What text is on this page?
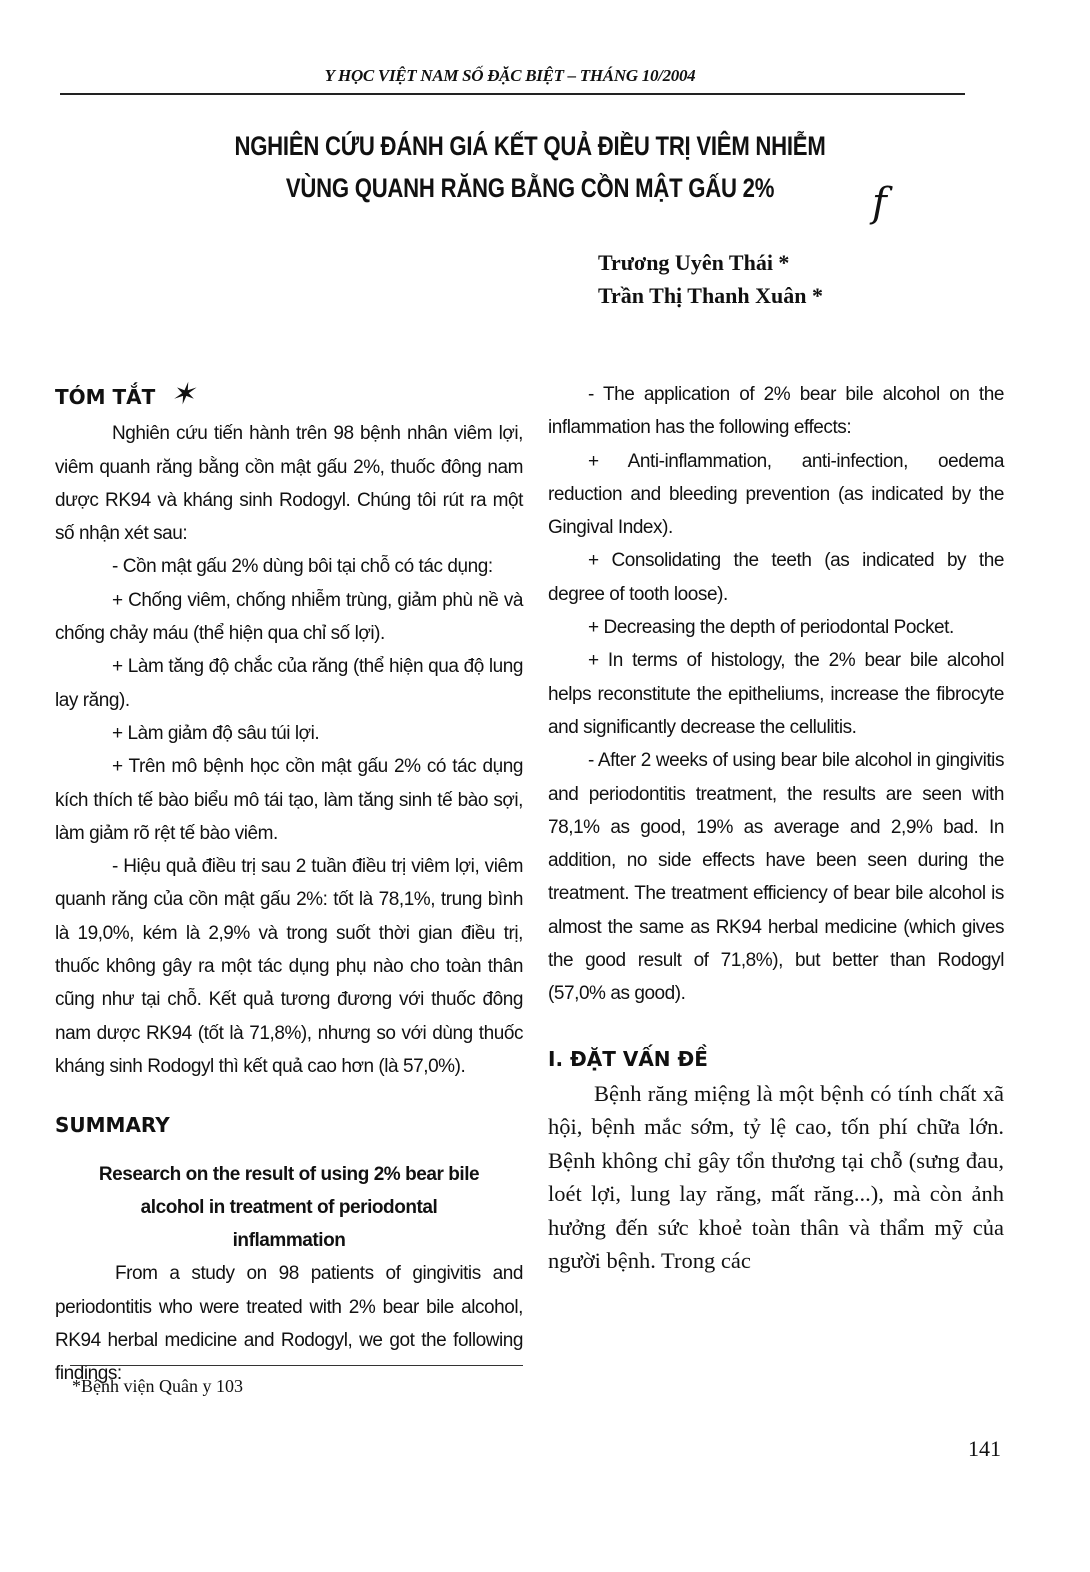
Y HỌC VIỆT NAM SỐ ĐẶC BIỆT – THÁNG 10/2004
NGHIÊN CỨU ĐÁNH GIÁ KẾT QUẢ ĐIỀU TRỊ VIÊM NHIỄM
VÙNG QUANH RĂNG BẰNG CỒN MẬT GẤU 2%	f
Trương Uyên Thái *
Trần Thị Thanh Xuân *

TÓM TẮT ✶

Nghiên cứu tiến hành trên 98 bệnh nhân viêm lợi, viêm quanh răng bằng cồn mật gấu 2%, thuốc đông nam dược RK94 và kháng sinh Rodogyl. Chúng tôi rút ra một số nhận xét sau:

- Cồn mật gấu 2% dùng bôi tại chỗ có tác dụng:

+ Chống viêm, chống nhiễm trùng, giảm phù nề và chống chảy máu (thể hiện qua chỉ số lợi).

+ Làm tăng độ chắc của răng (thể hiện qua độ lung lay răng).

+ Làm giảm độ sâu túi lợi.

+ Trên mô bệnh học cồn mật gấu 2% có tác dụng kích thích tế bào biểu mô tái tạo, làm tăng sinh tế bào sợi, làm giảm rõ rệt tế bào viêm.

- Hiệu quả điều trị sau 2 tuần điều trị viêm lợi, viêm quanh răng của cồn mật gấu 2%: tốt là 78,1%, trung bình là 19,0%, kém là 2,9% và trong suốt thời gian điều trị, thuốc không gây ra một tác dụng phụ nào cho toàn thân cũng như tại chỗ. Kết quả tương đương với thuốc đông nam dược RK94 (tốt là 71,8%), nhưng so với dùng thuốc kháng sinh Rodogyl thì kết quả cao hơn (là 57,0%).

SUMMARY

Research on the result of using 2% bear bile alcohol in treatment of periodontal inflammation

From a study on 98 patients of gingivitis and periodontitis who were treated with 2% bear bile alcohol, RK94 herbal medicine and Rodogyl, we got the following findings:

- The application of 2% bear bile alcohol on the inflammation has the following effects:

+ Anti-inflammation, anti-infection, oedema reduction and bleeding prevention (as indicated by the Gingival Index).

+ Consolidating the teeth (as indicated by the degree of tooth loose).

+ Decreasing the depth of periodontal Pocket.

+ In terms of histology, the 2% bear bile alcohol helps reconstitute the epitheliums, increase the fibrocyte and significantly decrease the cellulitis.

- After 2 weeks of using bear bile alcohol in gingivitis and periodontitis treatment, the results are seen with 78,1% as good, 19% as average and 2,9% bad. In addition, no side effects have been seen during the treatment. The treatment efficiency of bear bile alcohol is almost the same as RK94 herbal medicine (which gives the good result of 71,8%), but better than Rodogyl (57,0% as good).

I. ĐẶT VẤN ĐỀ

Bệnh răng miệng là một bệnh có tính chất xã hội, bệnh mắc sớm, tỷ lệ cao, tốn phí chữa lớn. Bệnh không chỉ gây tổn thương tại chỗ (sưng đau, loét lợi, lung lay răng, mất răng...), mà còn ảnh hưởng đến sức khoẻ toàn thân và thẩm mỹ của người bệnh. Trong các

*Bệnh viện Quân y 103
141
